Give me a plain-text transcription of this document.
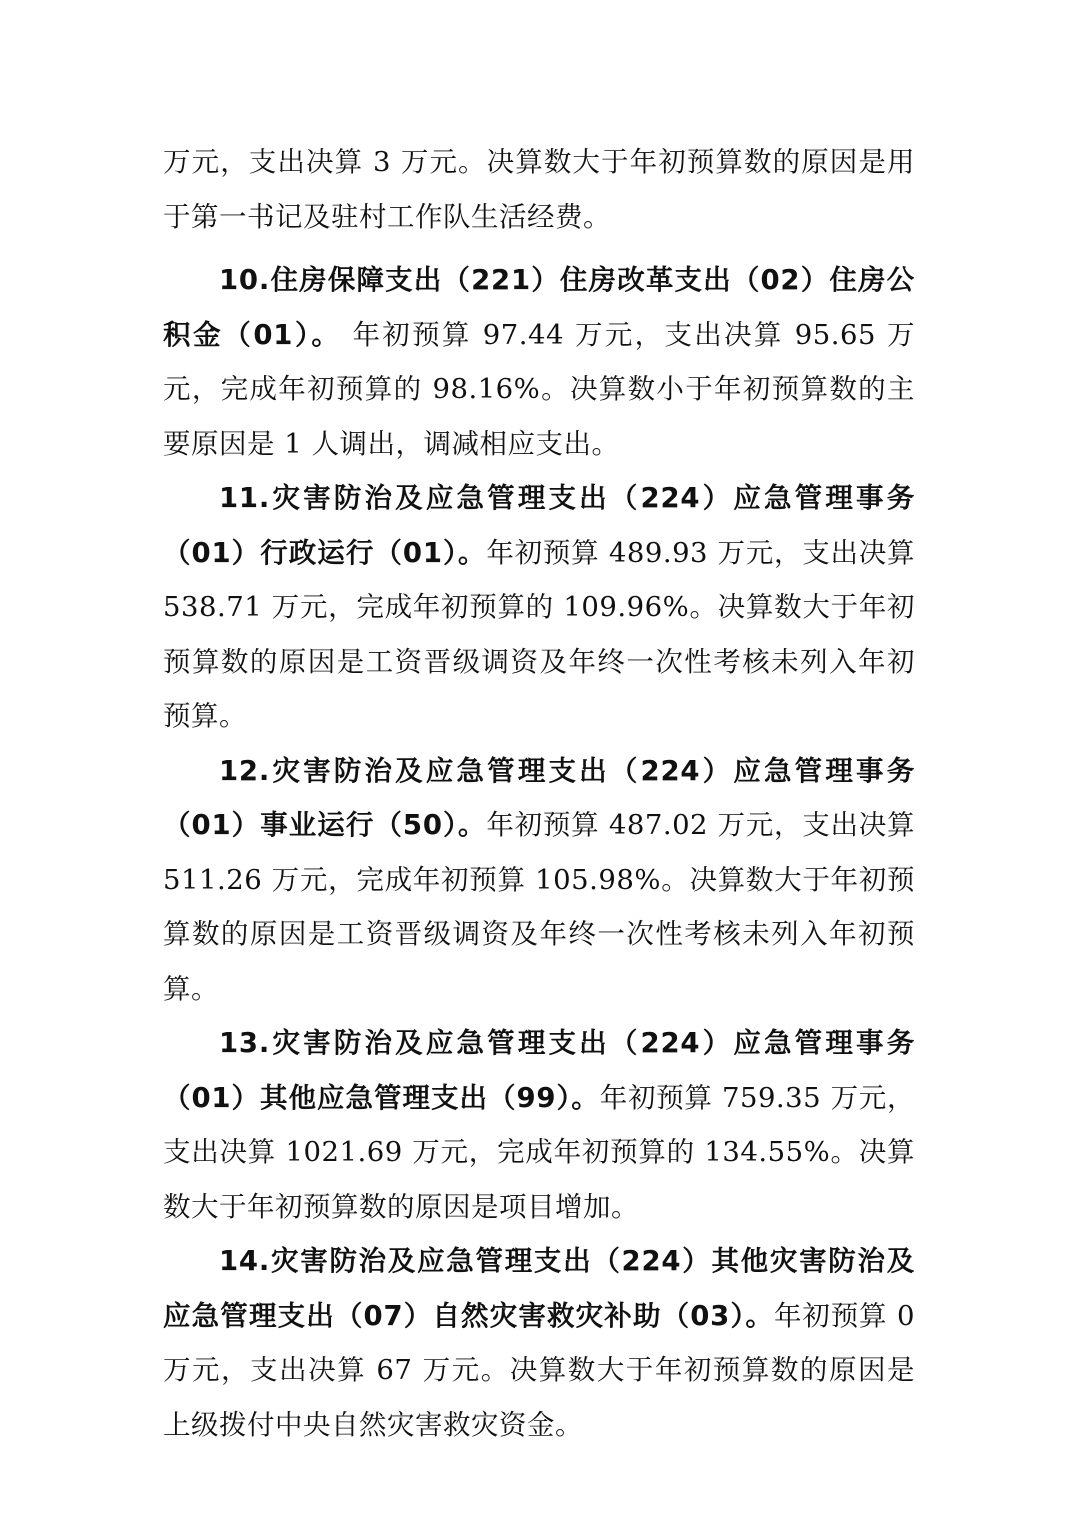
万元，支出决算 3 万元。决算数大于年初预算数的原因是用于第一书记及驻村工作队生活经费。

10.住房保障支出（221）住房改革支出（02）住房公积金（01）。 年初预算 97.44 万元，支出决算 95.65 万元，完成年初预算的 98.16%。决算数小于年初预算数的主要原因是 1 人调出，调减相应支出。

11.灾害防治及应急管理支出（224）应急管理事务（01）行政运行（01）。年初预算 489.93 万元，支出决算 538.71 万元，完成年初预算的 109.96%。决算数大于年初预算数的原因是工资晋级调资及年终一次性考核未列入年初预算。

12.灾害防治及应急管理支出（224）应急管理事务（01）事业运行（50）。年初预算 487.02 万元，支出决算 511.26 万元，完成年初预算 105.98%。决算数大于年初预算数的原因是工资晋级调资及年终一次性考核未列入年初预算。

13.灾害防治及应急管理支出（224）应急管理事务（01）其他应急管理支出（99）。年初预算 759.35 万元，支出决算 1021.69 万元，完成年初预算的 134.55%。决算数大于年初预算数的原因是项目增加。

14.灾害防治及应急管理支出（224）其他灾害防治及应急管理支出（07）自然灾害救灾补助（03）。年初预算 0 万元，支出决算 67 万元。决算数大于年初预算数的原因是上级拨付中央自然灾害救灾资金。
